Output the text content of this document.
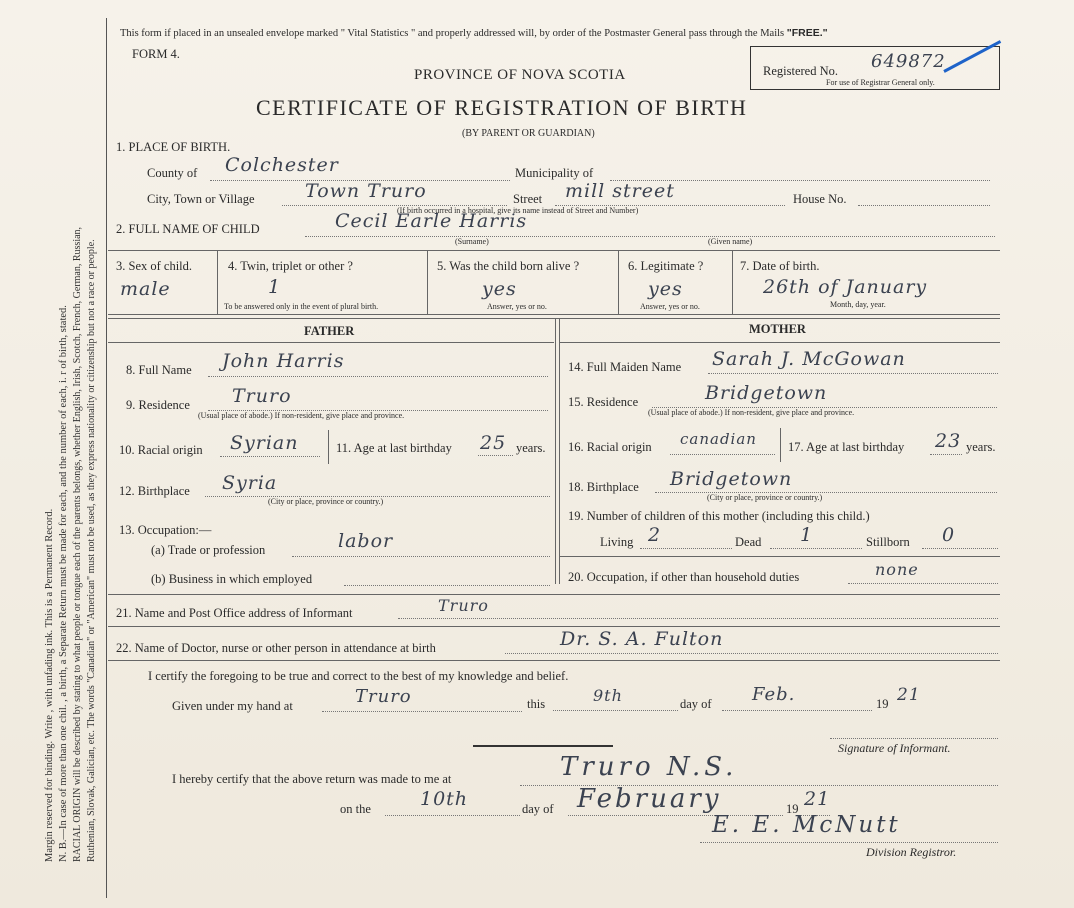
Margin reserved for binding. Write , with unfading ink. This is a Permanent Record. N. B.—In case of more than one chil. , a birth, a Separate Return must be made for each, and the number of each, i. r of birth, stated. RACIAL ORIGIN will be described by stating to what people or tongue each of the parents belongs, whether English, Irish, Scotch, French, German, Russian, Ruthenian, Slovak, Galician, etc. The words "Canadian" or "American" must not be used, as they express nationality or citizenship but not a race or people.
This form if placed in an unsealed envelope marked " Vital Statistics " and properly addressed will, by order of the Postmaster General pass through the Mails "FREE."
FORM 4.
PROVINCE OF NOVA SCOTIA
CERTIFICATE OF REGISTRATION OF BIRTH
(BY PARENT OR GUARDIAN)
Registered No. 649872
For use of Registrar General only.
1. PLACE OF BIRTH.
County of Colchester	Municipality of
City, Town or Village	Town Truro	Street mill street	House No.
(If birth occurred in a hospital, give its name instead of Street and Number)
2. FULL NAME OF CHILD	Cecil Earle Harris
(Surname)	(Given name)
3. Sex of child.
male
4. Twin, triplet or other ?
1
To be answered only in the event of plural birth.
5. Was the child born alive ?
yes
Answer, yes or no.
6. Legitimate ?
yes
Answer, yes or no.
7. Date of birth.
26th of January
Month, day, year.
FATHER	MOTHER
8. Full Name John Harris
9. Residence Truro
(Usual place of abode.) If non-resident, give place and province.
10. Racial origin Syrian	11. Age at last birthday 25 years.
12. Birthplace Syria
(City or place, province or country.)
13. Occupation:—
(a) Trade or profession	labor
(b) Business in which employed
14. Full Maiden Name Sarah J. McGowan
15. Residence	Bridgetown
(Usual place of abode.) If non-resident, give place and province.
16. Racial origin canadian 17. Age at last birthday 23 years.
18. Birthplace Bridgetown
(City or place, province or country.)
19. Number of children of this mother (including this child.)
Living 2	Dead 1	Stillborn 0
20. Occupation, if other than household duties	none
21. Name and Post Office address of Informant	Truro
22. Name of Doctor, nurse or other person in attendance at birth	Dr. S. A. Fulton
I certify the foregoing to be true and correct to the best of my knowledge and belief.
Given under my hand at	Truro	this	9th	day of Feb.	19 21
Signature of Informant.
I hereby certify that the above return was made to me at	Truro N.S.
on the	10th	day of February	19 21
E. E. McNutt
Division Registror.
